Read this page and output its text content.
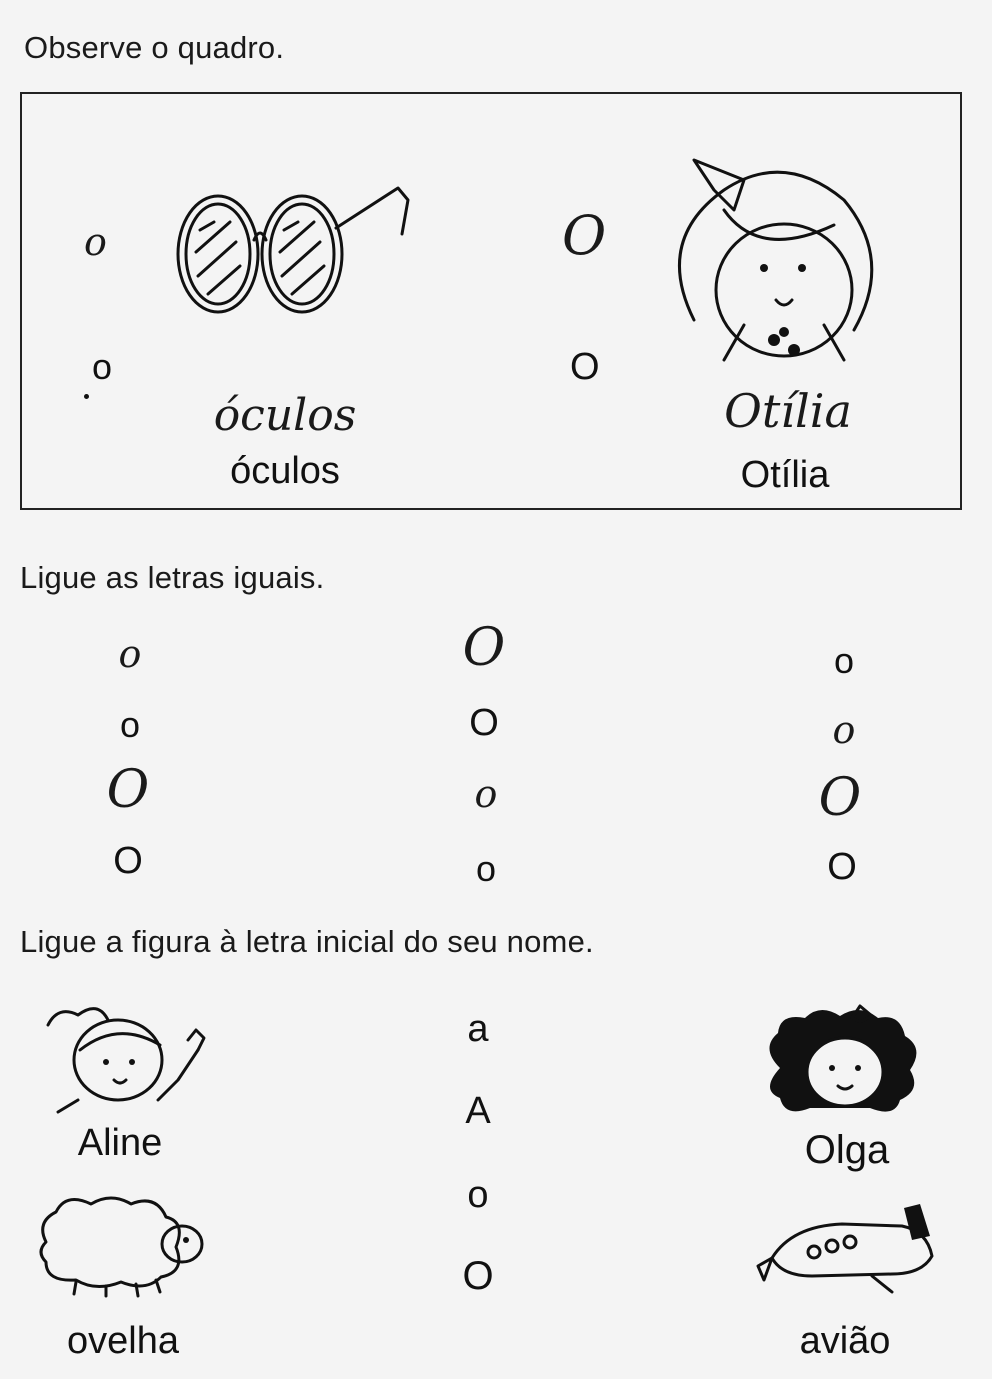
Observe o quadro.
o
o
óculos
óculos
O
O
Otília
Otília
Ligue as letras iguais.
o
o
O
O
O
O
o
o
o
o
O
O
Ligue a figura à letra inicial do seu nome.
a
A
o
O
Aline
ovelha
Olga
avião
